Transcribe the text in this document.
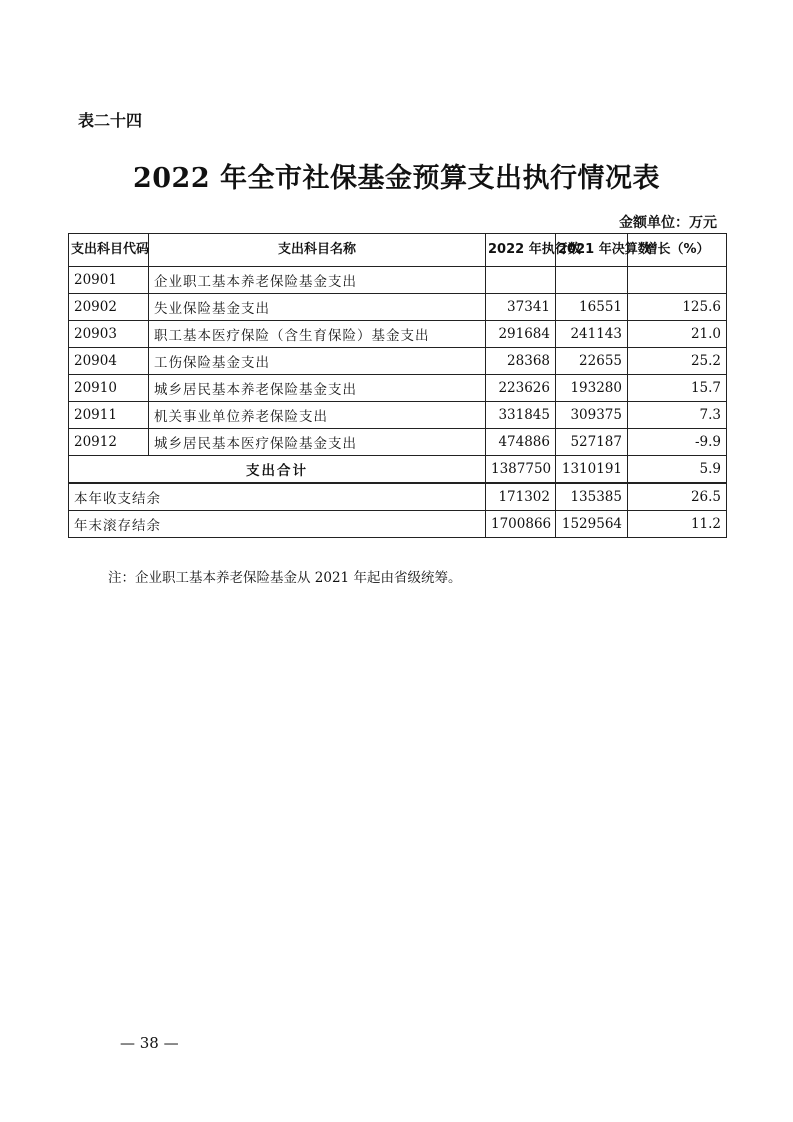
表二十四
2022 年全市社保基金预算支出执行情况表
金额单位：万元
支出科目代码	支出科目名称	2022 年执行数	2021 年决算数	增长（%）
20901	企业职工基本养老保险基金支出			
20902	失业保险基金支出	37341	16551	125.6
20903	职工基本医疗保险（含生育保险）基金支出	291684	241143	21.0
20904	工伤保险基金支出	28368	22655	25.2
20910	城乡居民基本养老保险基金支出	223626	193280	15.7
20911	机关事业单位养老保险支出	331845	309375	7.3
20912	城乡居民基本医疗保险基金支出	474886	527187	-9.9
支出合计		1387750	1310191	5.9
本年收支结余		171302	135385	26.5
年末滚存结余		1700866	1529564	11.2
注：企业职工基本养老保险基金从 2021 年起由省级统筹。
— 38 —
